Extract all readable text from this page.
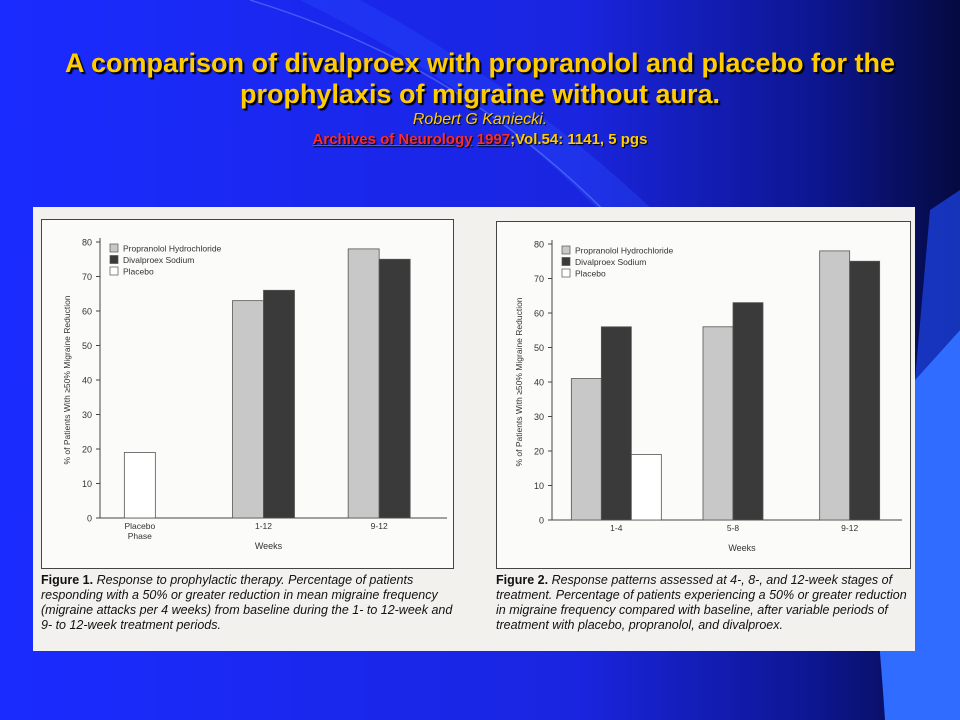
A comparison of divalproex with propranolol and placebo for the prophylaxis of migraine without aura.

Robert G Kaniecki.
Archives of Neurology 1997;Vol.54: 1141, 5 pgs
0
10
20
30
40
50
60
70
80
% of Patients With ≥50% Migraine Reduction
Placebo
Phase
1-12	9-12
Weeks
Propranolol Hydrochloride
Divalproex Sodium
Placebo
0
10
20
30
40
50
60
70
80
% of Patients With ≥50% Migraine Reduction
1-4	5-8	9-12
Weeks
Propranolol Hydrochloride
Divalproex Sodium
Placebo
Figure 1. Response to prophylactic therapy. Percentage of patients responding with a 50% or greater reduction in mean migraine frequency (migraine attacks per 4 weeks) from baseline during the 1- to 12-week and 9- to 12-week treatment periods.
Figure 2. Response patterns assessed at 4-, 8-, and 12-week stages of treatment. Percentage of patients experiencing a 50% or greater reduction in migraine frequency compared with baseline, after variable periods of treatment with placebo, propranolol, and divalproex.
